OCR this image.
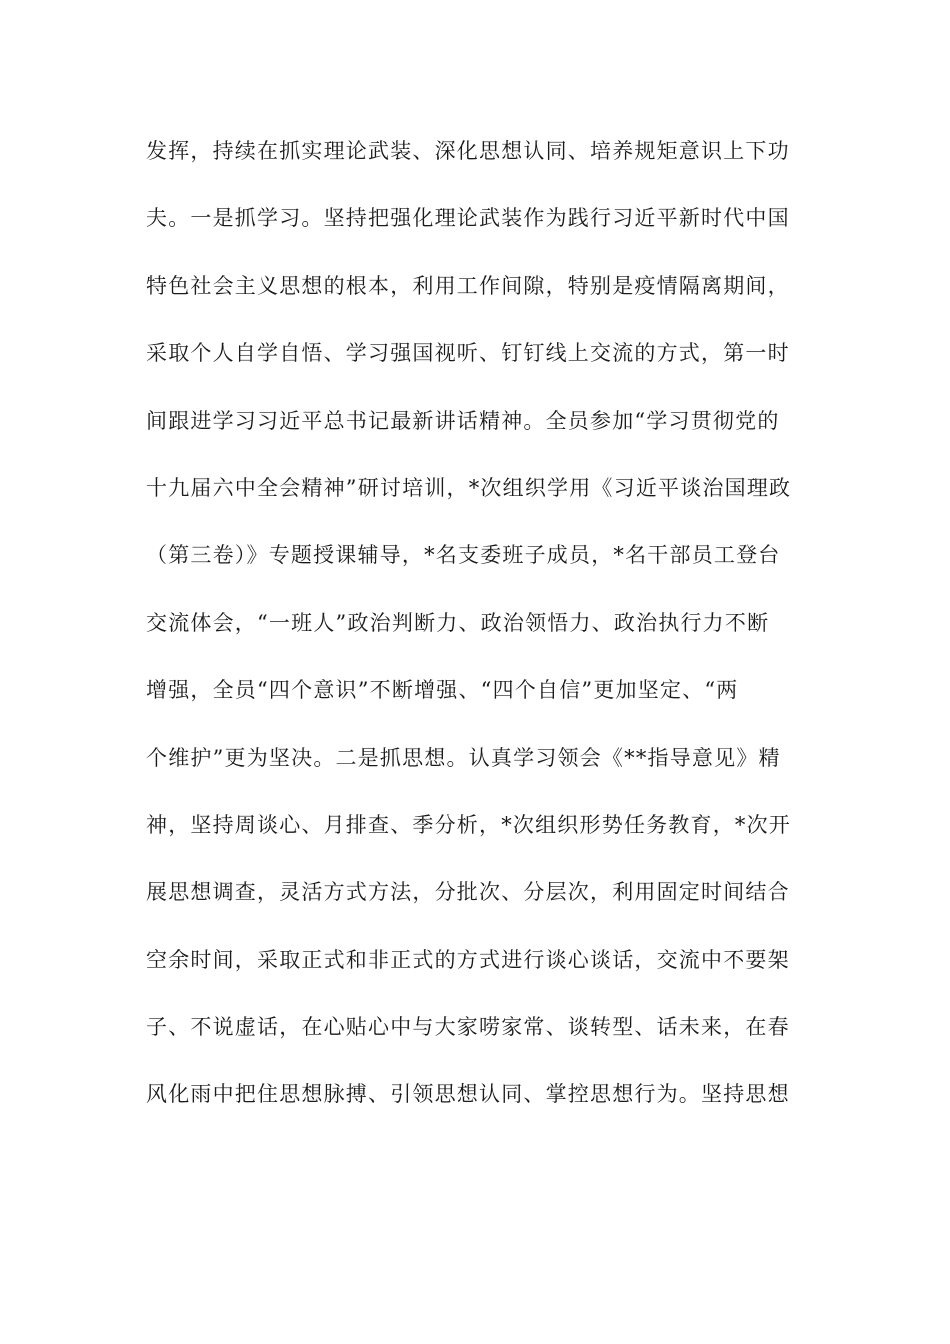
发挥，持续在抓实理论武装、深化思想认同、培养规矩意识上下功
夫。一是抓学习。坚持把强化理论武装作为践行习近平新时代中国
特色社会主义思想的根本，利用工作间隙，特别是疫情隔离期间，
采取个人自学自悟、学习强国视听、钉钉线上交流的方式，第一时
间跟进学习习近平总书记最新讲话精神。全员参加“学习贯彻党的
十九届六中全会精神”研讨培训，*次组织学用《习近平谈治国理政
（第三卷）》专题授课辅导，*名支委班子成员，*名干部员工登台
交流体会，“一班人”政治判断力、政治领悟力、政治执行力不断
增强，全员“四个意识”不断增强、“四个自信”更加坚定、“两
个维护”更为坚决。二是抓思想。认真学习领会《**指导意见》精
神，坚持周谈心、月排查、季分析，*次组织形势任务教育，*次开
展思想调查，灵活方式方法，分批次、分层次，利用固定时间结合
空余时间，采取正式和非正式的方式进行谈心谈话，交流中不要架
子、不说虚话，在心贴心中与大家唠家常、谈转型、话未来，在春
风化雨中把住思想脉搏、引领思想认同、掌控思想行为。坚持思想
